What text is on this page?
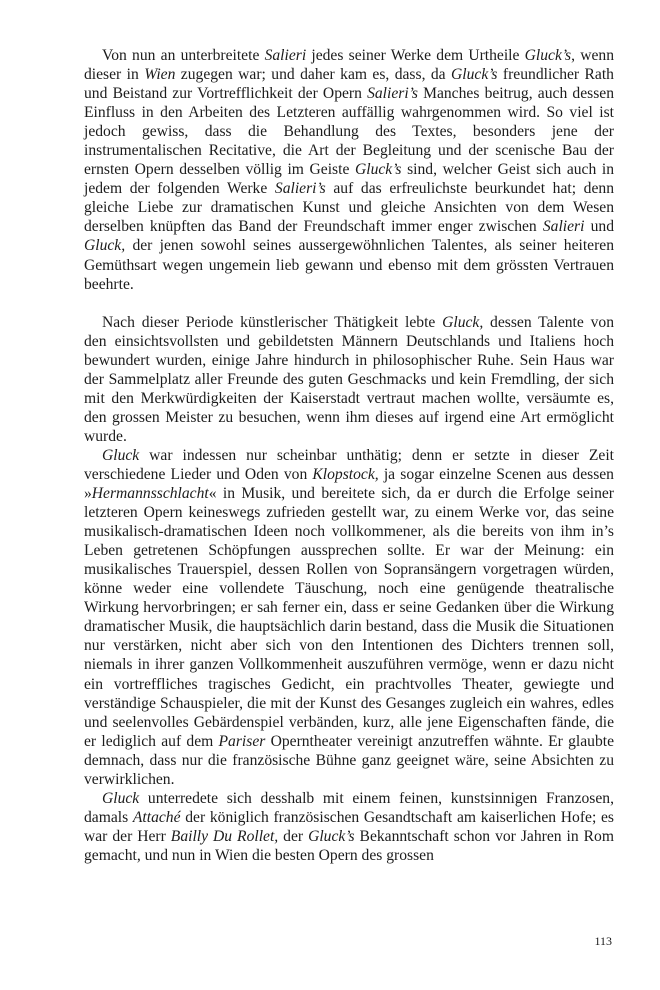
Von nun an unterbreitete Salieri jedes seiner Werke dem Urtheile Gluck’s, wenn dieser in Wien zugegen war; und daher kam es, dass, da Gluck’s freundlicher Rath und Beistand zur Vortrefflichkeit der Opern Salieri’s Manches beitrug, auch dessen Einfluss in den Arbeiten des Letzteren auffällig wahrgenommen wird. So viel ist jedoch gewiss, dass die Behandlung des Textes, besonders jene der instrumentalischen Recitative, die Art der Begleitung und der scenische Bau der ernsten Opern desselben völlig im Geiste Gluck’s sind, welcher Geist sich auch in jedem der folgenden Werke Salieri’s auf das erfreulichste beurkundet hat; denn gleiche Liebe zur dramatischen Kunst und gleiche Ansichten von dem Wesen derselben knüpften das Band der Freundschaft immer enger zwischen Salieri und Gluck, der jenen sowohl seines aussergewöhnlichen Talentes, als seiner heiteren Gemüthsart wegen ungemein lieb gewann und ebenso mit dem grössten Vertrauen beehrte.

Nach dieser Periode künstlerischer Thätigkeit lebte Gluck, dessen Talente von den einsichtsvollsten und gebildetsten Männern Deutschlands und Italiens hoch bewundert wurden, einige Jahre hindurch in philosophischer Ruhe. Sein Haus war der Sammelplatz aller Freunde des guten Geschmacks und kein Fremdling, der sich mit den Merkwürdigkeiten der Kaiserstadt vertraut machen wollte, versäumte es, den grossen Meister zu besuchen, wenn ihm dieses auf irgend eine Art ermöglicht wurde.

Gluck war indessen nur scheinbar unthätig; denn er setzte in dieser Zeit verschiedene Lieder und Oden von Klopstock, ja sogar einzelne Scenen aus dessen »Hermannsschlacht« in Musik, und bereitete sich, da er durch die Erfolge seiner letzteren Opern keineswegs zufrieden gestellt war, zu einem Werke vor, das seine musikalisch-dramatischen Ideen noch vollkommener, als die bereits von ihm in’s Leben getretenen Schöpfungen aussprechen sollte. Er war der Meinung: ein musikalisches Trauerspiel, dessen Rollen von Sopransängern vorgetragen würden, könne weder eine vollendete Täuschung, noch eine genügende theatralische Wirkung hervorbringen; er sah ferner ein, dass er seine Gedanken über die Wirkung dramatischer Musik, die hauptsächlich darin bestand, dass die Musik die Situationen nur verstärken, nicht aber sich von den Intentionen des Dichters trennen soll, niemals in ihrer ganzen Vollkommenheit auszuführen vermöge, wenn er dazu nicht ein vortreffliches tragisches Gedicht, ein prachtvolles Theater, gewiegte und verständige Schauspieler, die mit der Kunst des Gesanges zugleich ein wahres, edles und seelenvolles Gebärdenspiel verbänden, kurz, alle jene Eigenschaften fände, die er lediglich auf dem Pariser Operntheater vereinigt anzutreffen wähnte. Er glaubte demnach, dass nur die französische Bühne ganz geeignet wäre, seine Absichten zu verwirklichen.

Gluck unterredete sich desshalb mit einem feinen, kunstsinnigen Franzosen, damals Attaché der königlich französischen Gesandtschaft am kaiserlichen Hofe; es war der Herr Bailly Du Rollet, der Gluck’s Bekanntschaft schon vor Jahren in Rom gemacht, und nun in Wien die besten Opern des grossen

113
